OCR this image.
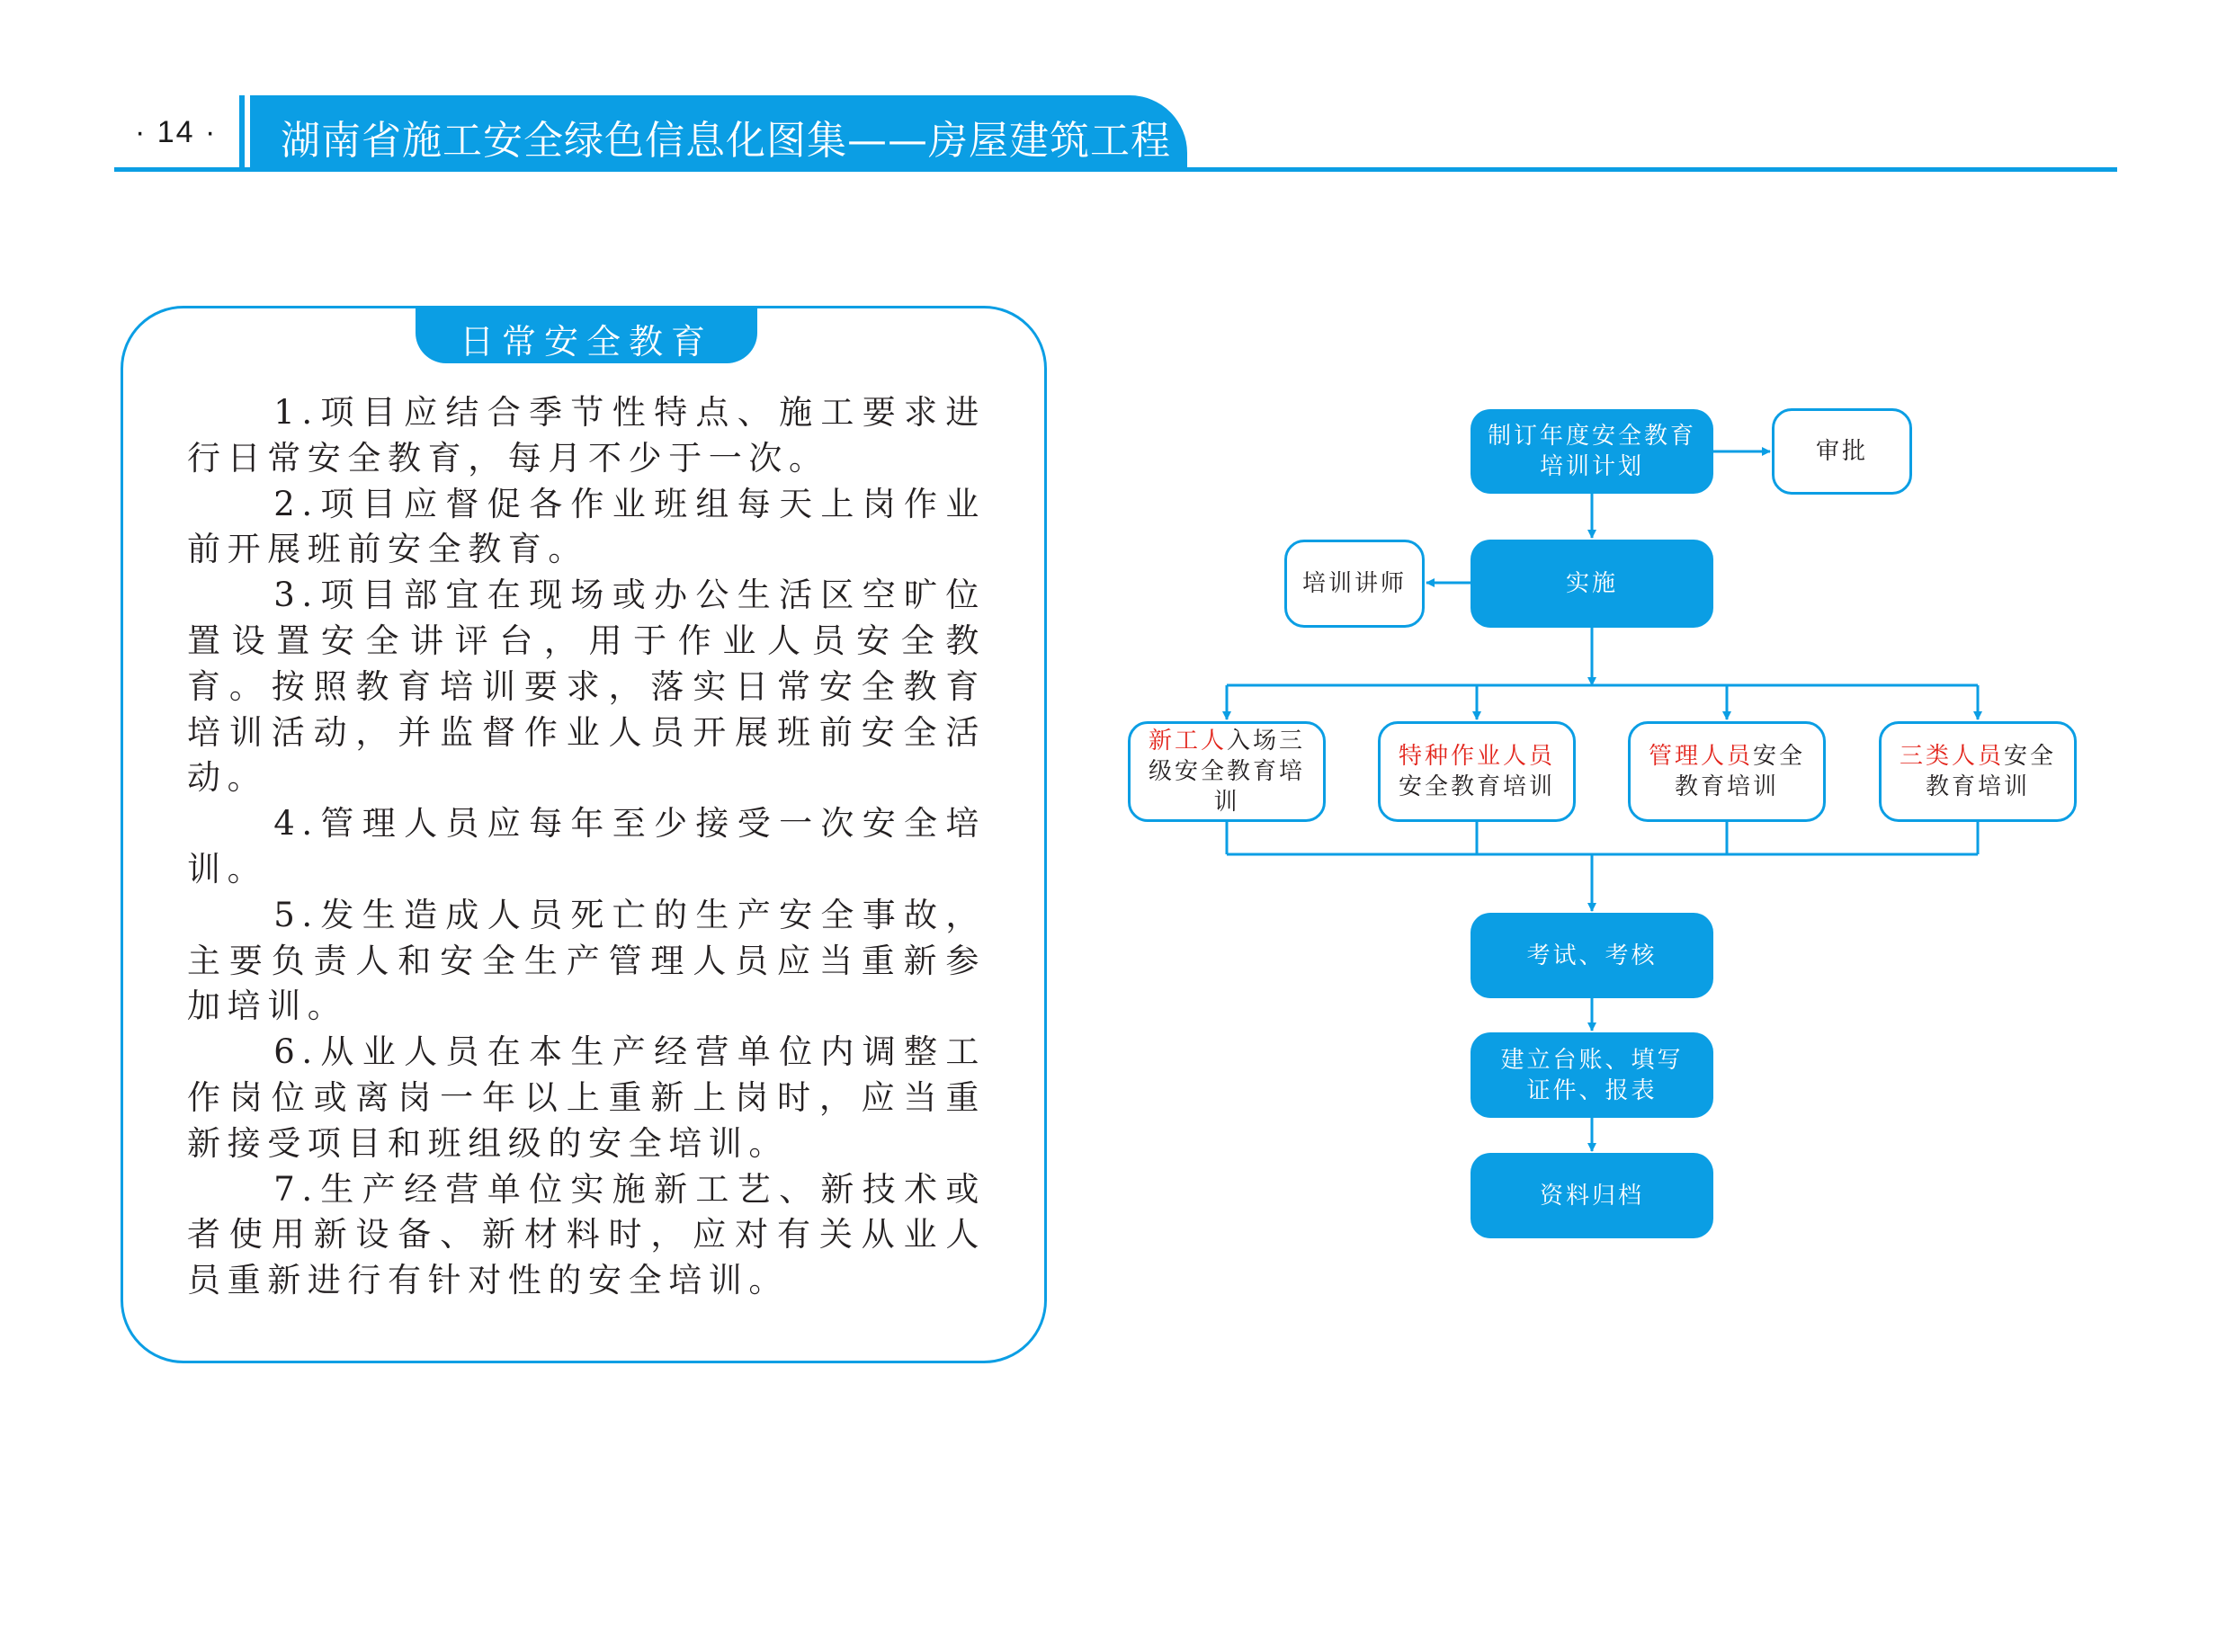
· 14 · 湖南省施工安全绿色信息化图集——房屋建筑工程
日常安全教育

1.项目应结合季节性特点、施工要求进行日常安全教育，每月不少于一次。

2.项目应督促各作业班组每天上岗作业前开展班前安全教育。

3.项目部宜在现场或办公生活区空旷位置设置安全讲评台，用于作业人员安全教育。按照教育培训要求，落实日常安全教育培训活动，并监督作业人员开展班前安全活动。

4.管理人员应每年至少接受一次安全培训。

5.发生造成人员死亡的生产安全事故，主要负责人和安全生产管理人员应当重新参加培训。

6.从业人员在本生产经营单位内调整工作岗位或离岗一年以上重新上岗时，应当重新接受项目和班组级的安全培训。

7.生产经营单位实施新工艺、新技术或者使用新设备、新材料时，应对有关从业人员重新进行有针对性的安全培训。

制订年度安全教育培训计划
审批
实施
培训讲师
新工人入场三级安全教育培训
特种作业人员安全教育培训
管理人员安全教育培训
三类人员安全教育培训
考试、考核
建立台账、填写证件、报表
资料归档
